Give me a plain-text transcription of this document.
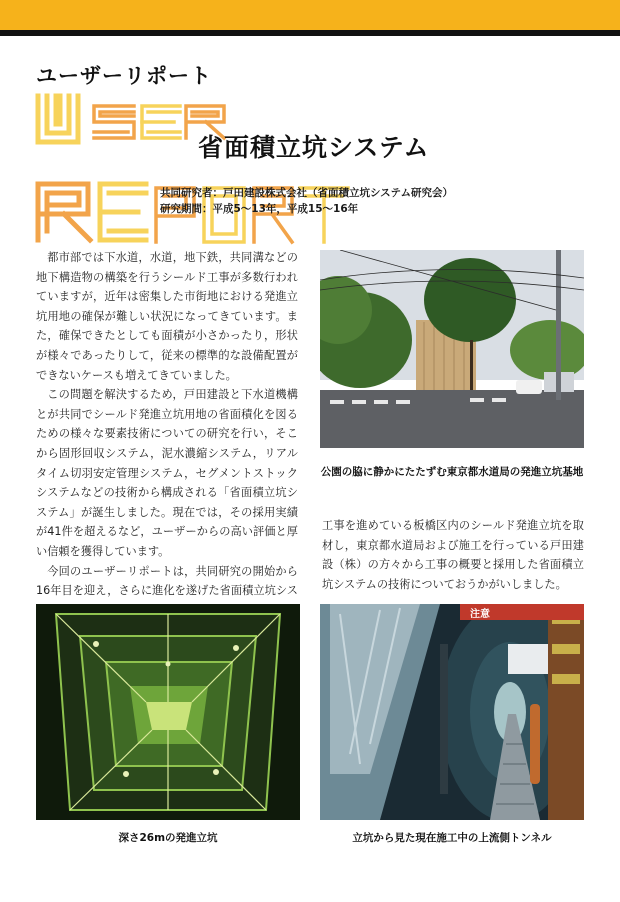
ユーザーリポート
省面積立坑システム
共同研究者：戸田建設株式会社（省面積立坑システム研究会）
研究期間：平成5〜13年，平成15〜16年

都市部では下水道，水道，地下鉄，共同溝などの地下構造物の構築を行うシールド工事が多数行われていますが，近年は密集した市街地における発進立坑用地の確保が難しい状況になってきています。また，確保できたとしても面積が小さかったり，形状が様々であったりして，従来の標準的な設備配置ができないケースも増えてきていました。

この問題を解決するため，戸田建設と下水道機構とが共同でシールド発進立坑用地の省面積化を図るための様々な要素技術についての研究を行い，そこから固形回収システム，泥水濃縮システム，リアルタイム切羽安定管理システム，セグメントストックシステムなどの技術から構成される「省面積立坑システム」が誕生しました。現在では，その採用実績が41件を超えるなど，ユーザーからの高い評価と厚い信頼を獲得しています。

今回のユーザーリポートは，共同研究の開始から16年目を迎え，さらに進化を遂げた省面積立坑シス

工事を進めている板橋区内のシールド発進立坑を取材し，東京都水道局および施工を行っている戸田建設（株）の方々から工事の概要と採用した省面積立坑システムの技術についておうかがいしました。

公園の脇に静かにたたずむ東京都水道局の発進立坑基地
深さ26mの発進立坑
注意
立坑から見た現在施工中の上流側トンネル
